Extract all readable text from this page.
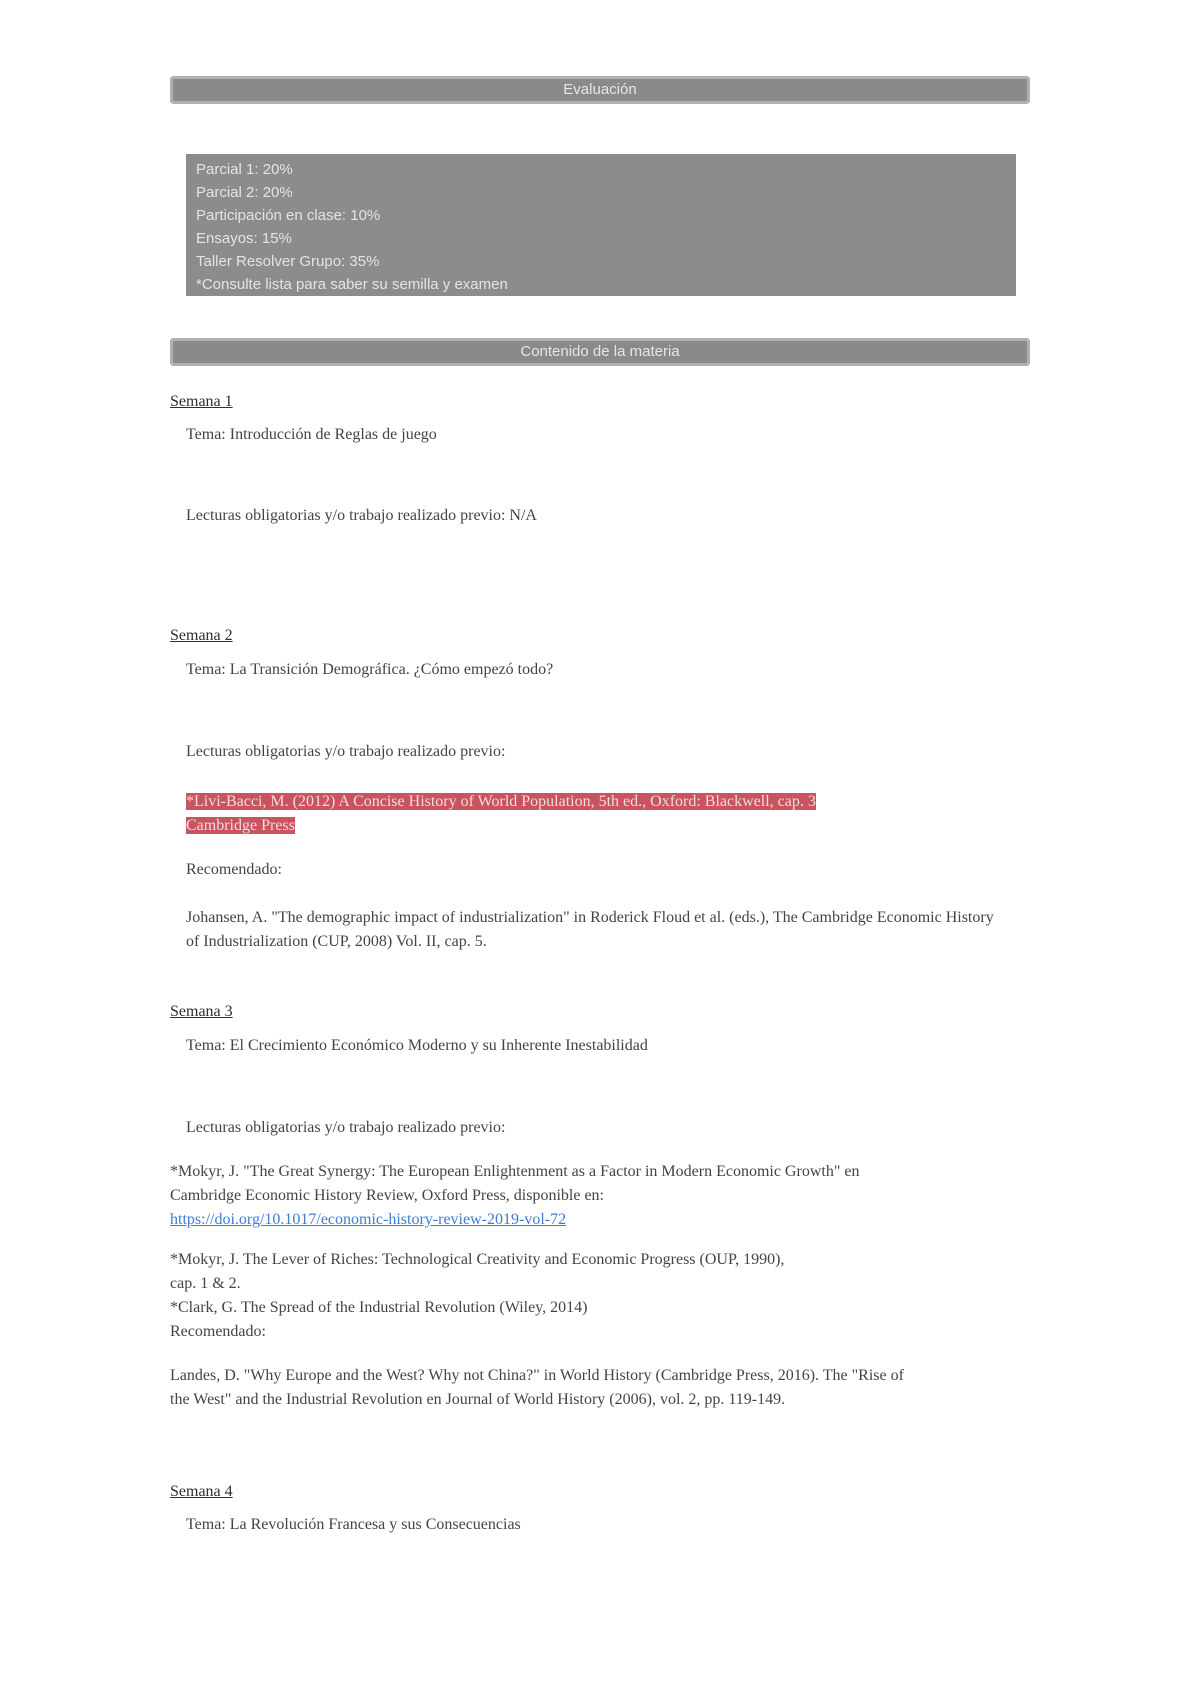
Evaluación
Parcial 1: 20%
Parcial 2: 20%
Participación en clase: 10%
Ensayos: 15%
Taller Resolver Grupo: 35%
*Consulte lista para saber su semilla y examen
Contenido de la materia
Semana 1
Tema: Introducción de Reglas de juego
Lecturas obligatorias y/o trabajo realizado previo: N/A
Semana 2
Tema: La Transición Demográfica. ¿Cómo empezó todo?
Lecturas obligatorias y/o trabajo realizado previo:
*Livi-Bacci, M. (2012) A Concise History of World Population, 5th ed., Oxford: Blackwell, cap. 3
Cambridge Press
Recomendado:
Johansen, A. "The demographic impact of industrialization" in Roderick Floud et al. (eds.), The Cambridge Economic History of Industrialization (CUP, 2008) Vol. II, cap. 5.
Semana 3
Tema: El Crecimiento Económico Moderno y su Inherente Inestabilidad
Lecturas obligatorias y/o trabajo realizado previo:
*Mokyr, J. "The Great Synergy: The European Enlightenment as a Factor in Modern Economic Growth" en
Cambridge Economic History Review, Oxford Press, disponible en:
https://doi.org/10.1017/economic-history-review-2019-vol-72
*Mokyr, J. The Lever of Riches: Technological Creativity and Economic Progress (OUP, 1990),
cap. 1 & 2.
*Clark, G. The Spread of the Industrial Revolution (Wiley, 2014)
Recomendado:
Landes, D. "Why Europe and the West? Why not China?" in World History (Cambridge Press, 2016). The "Rise of
the West" and the Industrial Revolution en Journal of World History (2006), vol. 2, pp. 119-149.
Semana 4
Tema: La Revolución Francesa y sus Consecuencias
